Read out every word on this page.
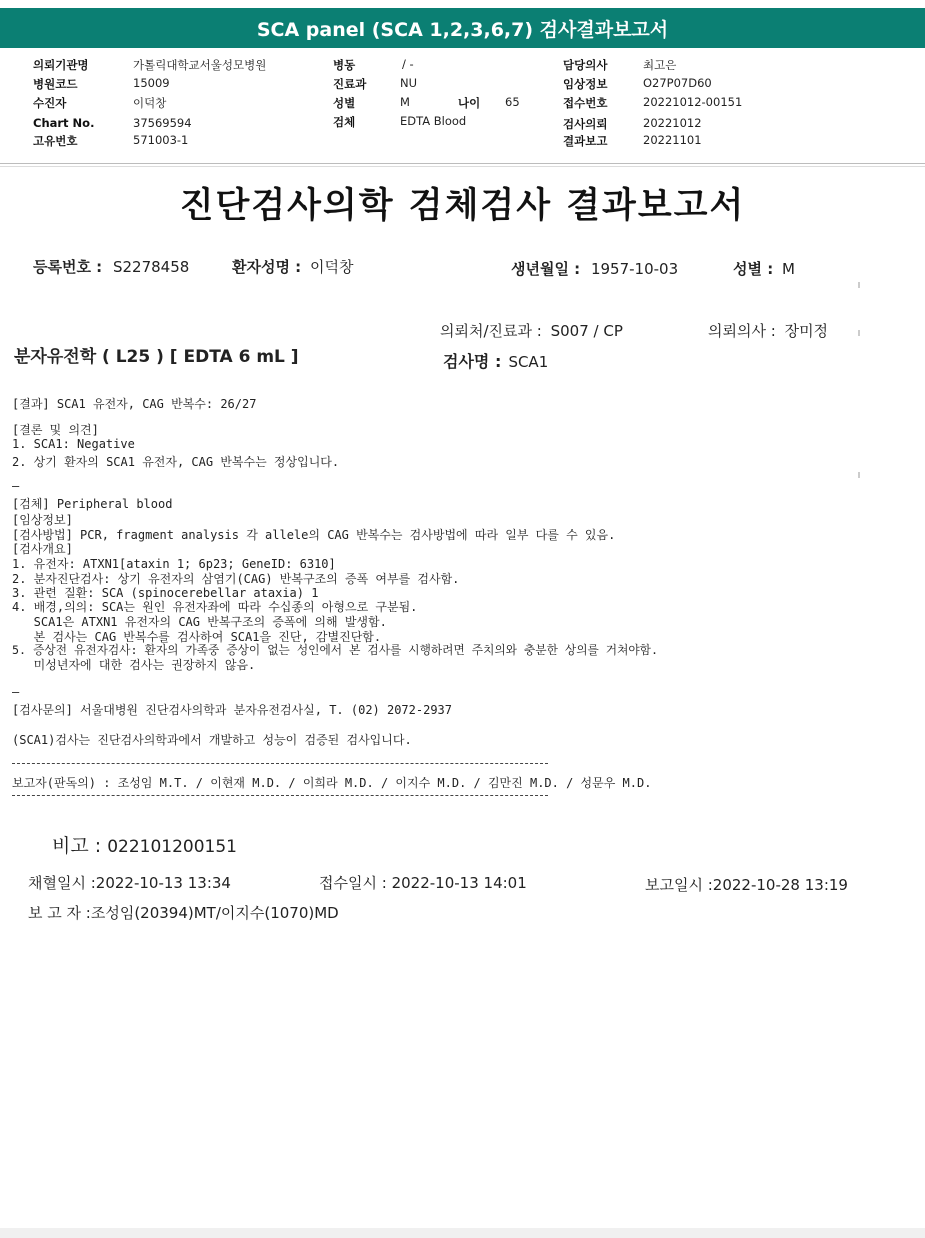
SCA panel (SCA 1,2,3,6,7) 검사결과보고서
의뢰기관명	가톨릭대학교서울성모병원
병원코드	15009
수진자	이덕창
Chart No.	37569594
고유번호	571003-1
병동	/ -
진료과	NU
성별	M	나이 65
검체	EDTA Blood
담당의사	최고은
임상정보	O27P07D60
접수번호	20221012-00151
검사의뢰	20221012
결과보고	20221101
진단검사의학 검체검사 결과보고서
등록번호 : S2278458	환자성명 : 이덕창	생년월일 : 1957-10-03	성별 : M
의뢰처/진료과 : S007 / CP	의뢰의사 : 장미정
분자유전학 ( L25 ) [ EDTA 6 mL ]	검사명 : SCA1
[결과] SCA1 유전자, CAG 반복수: 26/27
[결론 및 의견]
1. SCA1: Negative
2. 상기 환자의 SCA1 유전자, CAG 반복수는 정상입니다.
—
[검체] Peripheral blood
[임상정보]
[검사방법] PCR, fragment analysis 각 allele의 CAG 반복수는 검사방법에 따라 일부 다를 수 있음.
[검사개요]
1. 유전자: ATXN1[ataxin 1; 6p23; GeneID: 6310]
2. 분자진단검사: 상기 유전자의 삼염기(CAG) 반복구조의 증폭 여부를 검사함.
3. 관련 질환: SCA (spinocerebellar ataxia) 1
4. 배경,의의: SCA는 원인 유전자좌에 따라 수십종의 아형으로 구분됨.
SCA1은 ATXN1 유전자의 CAG 반복구조의 증폭에 의해 발생함.
본 검사는 CAG 반복수를 검사하여 SCA1을 진단, 감별진단함.
5. 증상전 유전자검사: 환자의 가족중 증상이 없는 성인에서 본 검사를 시행하려면 주치의와 충분한 상의를 거쳐야함.
미성년자에 대한 검사는 권장하지 않음.
—
[검사문의] 서울대병원 진단검사의학과 분자유전검사실, T. (02) 2072-2937
(SCA1)검사는 진단검사의학과에서 개발하고 성능이 검증된 검사입니다.
보고자(판독의) : 조성임 M.T. / 이현재 M.D. / 이희라 M.D. / 이지수 M.D. / 김만진 M.D. / 성문우 M.D.
비고 : 022101200151
채혈일시 :2022-10-13 13:34	접수일시 : 2022-10-13 14:01	보고일시 :2022-10-28 13:19
보 고 자 :조성임(20394)MT/이지수(1070)MD
